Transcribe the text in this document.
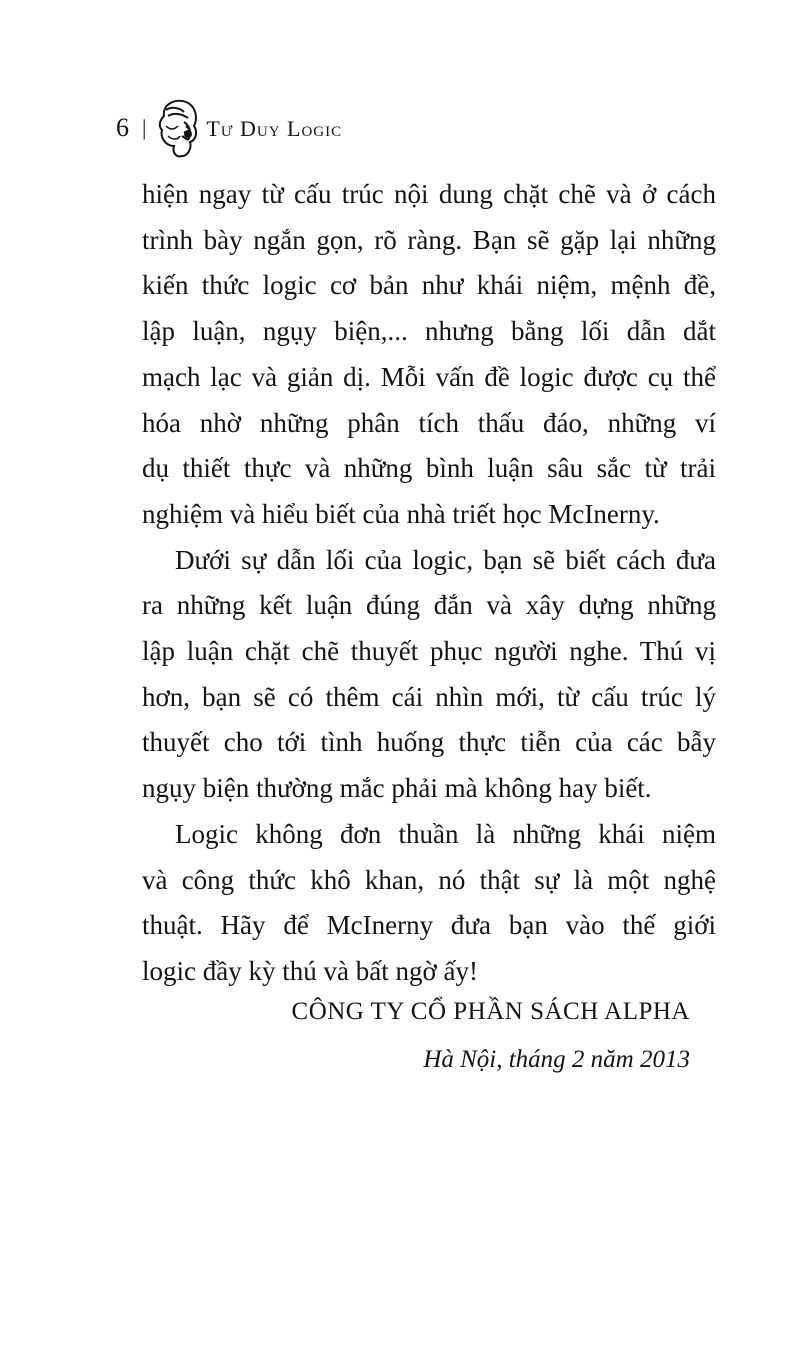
6 |	Tư Duy Logic
hiện ngay từ cấu trúc nội dung chặt chẽ và ở cách
trình bày ngắn gọn, rõ ràng. Bạn sẽ gặp lại những
kiến thức logic cơ bản như khái niệm, mệnh đề,
lập luận, ngụy biện,... nhưng bằng lối dẫn dắt
mạch lạc và giản dị. Mỗi vấn đề logic được cụ thể
hóa nhờ những phân tích thấu đáo, những ví
dụ thiết thực và những bình luận sâu sắc từ trải
nghiệm và hiểu biết của nhà triết học McInerny.
Dưới sự dẫn lối của logic, bạn sẽ biết cách đưa
ra những kết luận đúng đắn và xây dựng những
lập luận chặt chẽ thuyết phục người nghe. Thú vị
hơn, bạn sẽ có thêm cái nhìn mới, từ cấu trúc lý
thuyết cho tới tình huống thực tiễn của các bẫy
ngụy biện thường mắc phải mà không hay biết.
Logic không đơn thuần là những khái niệm
và công thức khô khan, nó thật sự là một nghệ
thuật. Hãy để McInerny đưa bạn vào thế giới
logic đầy kỳ thú và bất ngờ ấy!
CÔNG TY CỔ PHẦN SÁCH ALPHA
Hà Nội, tháng 2 năm 2013
